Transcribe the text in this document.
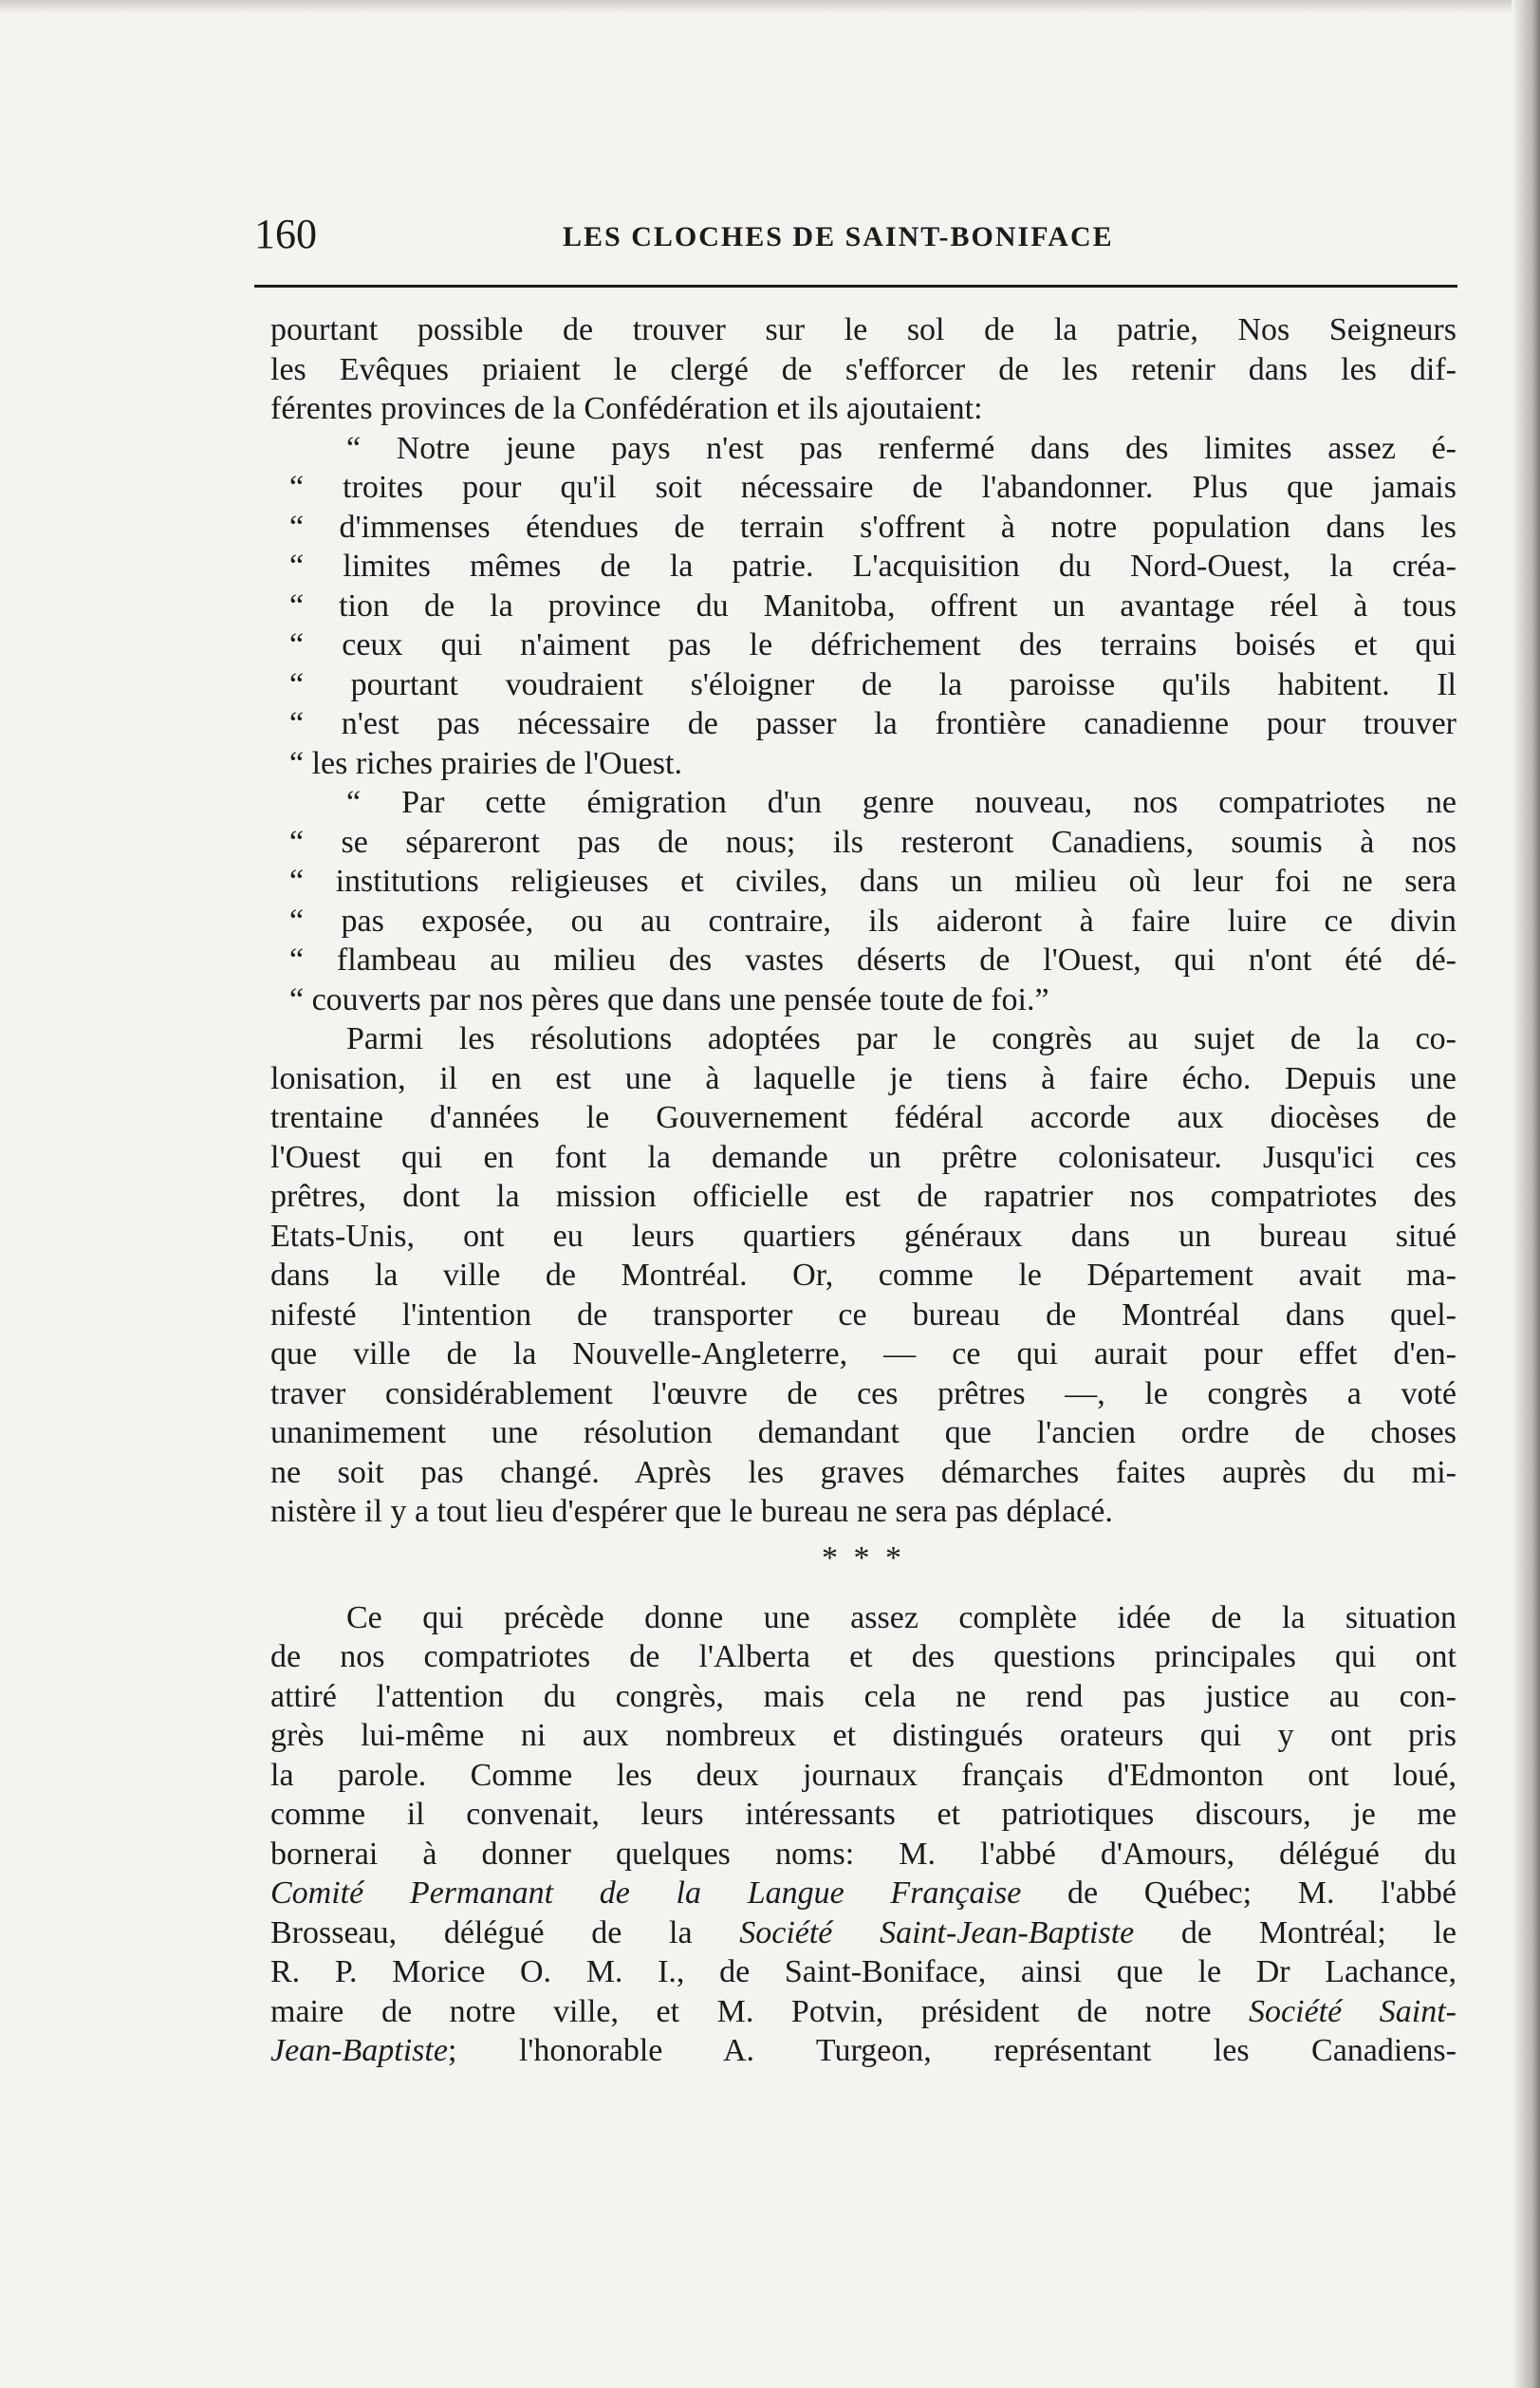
160	LES CLOCHES DE SAINT-BONIFACE
pourtant possible de trouver sur le sol de la patrie, Nos Seigneurs
les Evêques priaient le clergé de s'efforcer de les retenir dans les dif-
férentes provinces de la Confédération et ils ajoutaient:
“ Notre jeune pays n'est pas renfermé dans des limites assez é-
“ troites pour qu'il soit nécessaire de l'abandonner. Plus que jamais
“ d'immenses étendues de terrain s'offrent à notre population dans les
“ limites mêmes de la patrie. L'acquisition du Nord-Ouest, la créa-
“ tion de la province du Manitoba, offrent un avantage réel à tous
“ ceux qui n'aiment pas le défrichement des terrains boisés et qui
“ pourtant voudraient s'éloigner de la paroisse qu'ils habitent. Il
“ n'est pas nécessaire de passer la frontière canadienne pour trouver
“ les riches prairies de l'Ouest.
“ Par cette émigration d'un genre nouveau, nos compatriotes ne
“ se sépareront pas de nous; ils resteront Canadiens, soumis à nos
“ institutions religieuses et civiles, dans un milieu où leur foi ne sera
“ pas exposée, ou au contraire, ils aideront à faire luire ce divin
“ flambeau au milieu des vastes déserts de l'Ouest, qui n'ont été dé-
“ couverts par nos pères que dans une pensée toute de foi.”
Parmi les résolutions adoptées par le congrès au sujet de la co-
lonisation, il en est une à laquelle je tiens à faire écho. Depuis une
trentaine d'années le Gouvernement fédéral accorde aux diocèses de
l'Ouest qui en font la demande un prêtre colonisateur. Jusqu'ici ces
prêtres, dont la mission officielle est de rapatrier nos compatriotes des
Etats-Unis, ont eu leurs quartiers généraux dans un bureau situé
dans la ville de Montréal. Or, comme le Département avait ma-
nifesté l'intention de transporter ce bureau de Montréal dans quel-
que ville de la Nouvelle-Angleterre, — ce qui aurait pour effet d'en-
traver considérablement l'œuvre de ces prêtres —, le congrès a voté
unanimement une résolution demandant que l'ancien ordre de choses
ne soit pas changé. Après les graves démarches faites auprès du mi-
nistère il y a tout lieu d'espérer que le bureau ne sera pas déplacé.
* * *
Ce qui précède donne une assez complète idée de la situation
de nos compatriotes de l'Alberta et des questions principales qui ont
attiré l'attention du congrès, mais cela ne rend pas justice au con-
grès lui-même ni aux nombreux et distingués orateurs qui y ont pris
la parole. Comme les deux journaux français d'Edmonton ont loué,
comme il convenait, leurs intéressants et patriotiques discours, je me
bornerai à donner quelques noms: M. l'abbé d'Amours, délégué du
Comité Permanant de la Langue Française de Québec; M. l'abbé
Brosseau, délégué de la Société Saint-Jean-Baptiste de Montréal; le
R. P. Morice O. M. I., de Saint-Boniface, ainsi que le Dr Lachance,
maire de notre ville, et M. Potvin, président de notre Société Saint-
Jean-Baptiste; l'honorable A. Turgeon, représentant les Canadiens-
